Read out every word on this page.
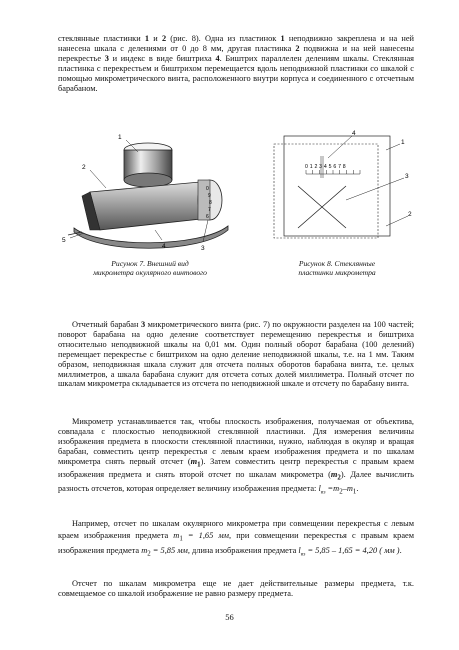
стеклянные пластинки 1 и 2 (рис. 8). Одна из пластинок 1 неподвижно закреплена и на ней нанесена шкала с делениями от 0 до 8 мм, другая пластинка 2 подвижна и на ней нанесены перекрестье 3 и индекс в виде биштриха 4. Биштрих параллелен делениям шкалы. Стеклянная пластинка с перекрестьем и биштрихом перемещается вдоль неподвижной пластинки со шкалой с помощью микрометрического винта, расположенного внутри корпуса и соединенного с отсчетным барабаном.

0
9
8
7
6
1
2
5
4	3
Рисунок 7. Внешний вид
микрометра окулярного винтового
0 1 2 3 4 5 6 7 8
4
1
3
2
Рисунок 8. Стеклянные
пластинки микрометра

Отчетный барабан 3 микрометрического винта (рис. 7) по окружности разделен на 100 частей; поворот барабана на одно деление соответствует перемещению перекрестья и биштриха относительно неподвижной шкалы на 0,01 мм. Один полный оборот барабана (100 делений) перемещает перекрестье с биштрихом на одно деление неподвижной шкалы, т.е. на 1 мм. Таким образом, неподвижная шкала служит для отсчета полных оборотов барабана винта, т.е. целых миллиметров, а шкала барабана служит для отсчета сотых долей миллиметра. Полный отсчет по шкалам микрометра складывается из отсчета по неподвижной шкале и отсчету по барабану винта.

Микрометр устанавливается так, чтобы плоскость изображения, получаемая от объектива, совпадала с плоскостью неподвижной стеклянной пластинки. Для измерения величины изображения предмета в плоскости стеклянной пластинки, нужно, наблюдая в окуляр и вращая барабан, совместить центр перекрестья с левым краем изображения предмета и по шкалам микрометра снять первый отсчет $(m_1)$. Затем совместить центр перекрестья с правым краем изображения предмета и снять второй отсчет по шкалам микрометра $(m_2)$. Далее вычислить разность отсчетов, которая определяет величину изображения предмета: $l_{из} =m_2-m_1$.

Например, отсчет по шкалам окулярного микрометра при совмещении перекрестья с левым краем изображения предмета $m_1 = 1,65$ мм, при совмещении перекрестья с правым краем изображения предмета $m_2 = 5,85$ мм, длина изображения предмета $l_{из} = 5,85 - 1,65 = 4,20$ ( мм ).

Отсчет по шкалам микрометра еще не дает действительные размеры предмета, т.к. совмещаемое со шкалой изображение не равно размеру предмета.

56
